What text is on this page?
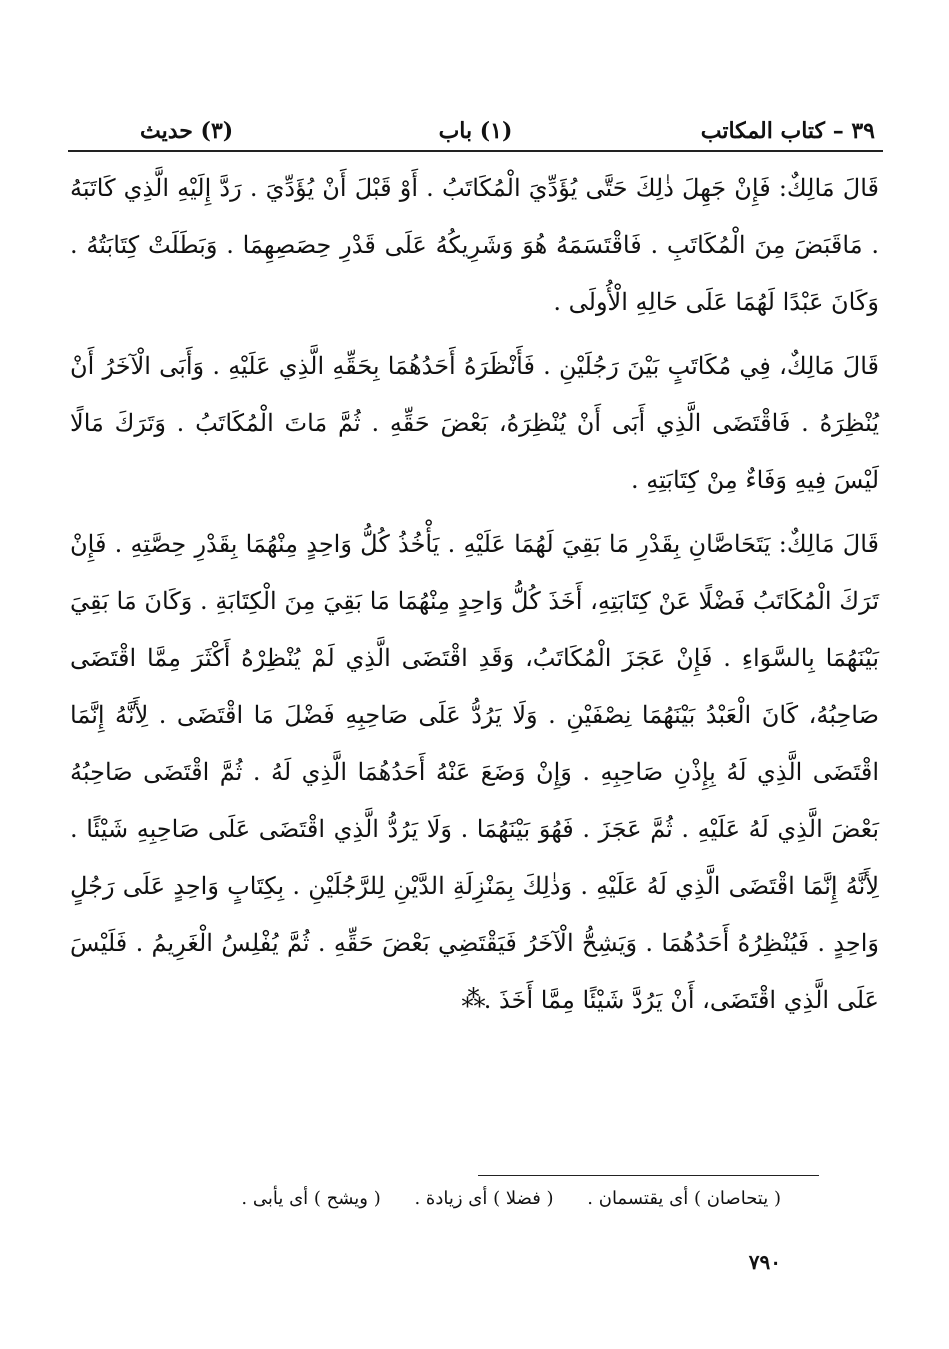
٣٩ – كتاب المكاتب
(١) باب
(٣) حديث

قَالَ مَالِكٌ: فَإِنْ جَهِلَ ذٰلِكَ حَتَّى يُؤَدِّيَ الْمُكَاتَبُ . أَوْ قَبْلَ أَنْ يُؤَدِّيَ . رَدَّ إِلَيْهِ الَّذِي كَاتَبَهُ . مَاقَبَضَ مِنَ الْمُكَاتَبِ . فَاقْتَسَمَهُ هُوَ وَشَرِيكُهُ عَلَى قَدْرِ حِصَصِهِمَا . وَبَطَلَتْ كِتَابَتُهُ . وَكَانَ عَبْدًا لَهُمَا عَلَى حَالِهِ الْأُولَى .

قَالَ مَالِكٌ، فِي مُكَاتَبٍ بَيْنَ رَجُلَيْنِ . فَأَنْظَرَهُ أَحَدُهُمَا بِحَقِّهِ الَّذِي عَلَيْهِ . وَأَبَى الْآخَرُ أَنْ يُنْظِرَهُ . فَاقْتَضَى الَّذِي أَبَى أَنْ يُنْظِرَهُ، بَعْضَ حَقِّهِ . ثُمَّ مَاتَ الْمُكَاتَبُ . وَتَرَكَ مَالًا لَيْسَ فِيهِ وَفَاءٌ مِنْ كِتَابَتِهِ .

قَالَ مَالِكٌ: يَتَحَاصَّانِ بِقَدْرِ مَا بَقِيَ لَهُمَا عَلَيْهِ . يَأْخُذُ كُلُّ وَاحِدٍ مِنْهُمَا بِقَدْرِ حِصَّتِهِ . فَإِنْ تَرَكَ الْمُكَاتَبُ فَضْلًا عَنْ كِتَابَتِهِ، أَخَذَ كُلُّ وَاحِدٍ مِنْهُمَا مَا بَقِيَ مِنَ الْكِتَابَةِ . وَكَانَ مَا بَقِيَ بَيْنَهُمَا بِالسَّوَاءِ . فَإِنْ عَجَزَ الْمُكَاتَبُ، وَقَدِ اقْتَضَى الَّذِي لَمْ يُنْظِرْهُ أَكْثَرَ مِمَّا اقْتَضَى صَاحِبُهُ، كَانَ الْعَبْدُ بَيْنَهُمَا نِصْفَيْنِ . وَلَا يَرُدُّ عَلَى صَاحِبِهِ فَضْلَ مَا اقْتَضَى . لِأَنَّهُ إِنَّمَا اقْتَضَى الَّذِي لَهُ بِإِذْنِ صَاحِبِهِ . وَإِنْ وَضَعَ عَنْهُ أَحَدُهُمَا الَّذِي لَهُ . ثُمَّ اقْتَضَى صَاحِبُهُ بَعْضَ الَّذِي لَهُ عَلَيْهِ . ثُمَّ عَجَزَ . فَهُوَ بَيْنَهُمَا . وَلَا يَرُدُّ الَّذِي اقْتَضَى عَلَى صَاحِبِهِ شَيْئًا . لِأَنَّهُ إِنَّمَا اقْتَضَى الَّذِي لَهُ عَلَيْهِ . وَذٰلِكَ بِمَنْزِلَةِ الدَّيْنِ لِلرَّجُلَيْنِ . بِكِتَابٍ وَاحِدٍ عَلَى رَجُلٍ وَاحِدٍ . فَيُنْظِرُهُ أَحَدُهُمَا . وَيَشِحُّ الْآخَرُ فَيَقْتَضِي بَعْضَ حَقِّهِ . ثُمَّ يُفْلِسُ الْغَرِيمُ . فَلَيْسَ عَلَى الَّذِي اقْتَضَى، أَنْ يَرُدَّ شَيْئًا مِمَّا أَخَذَ .

⁂
( يتحاصان ) أى يقتسمان . ( فضلا ) أى زيادة . ( ويشح ) أى يأبى .
٧٩٠
